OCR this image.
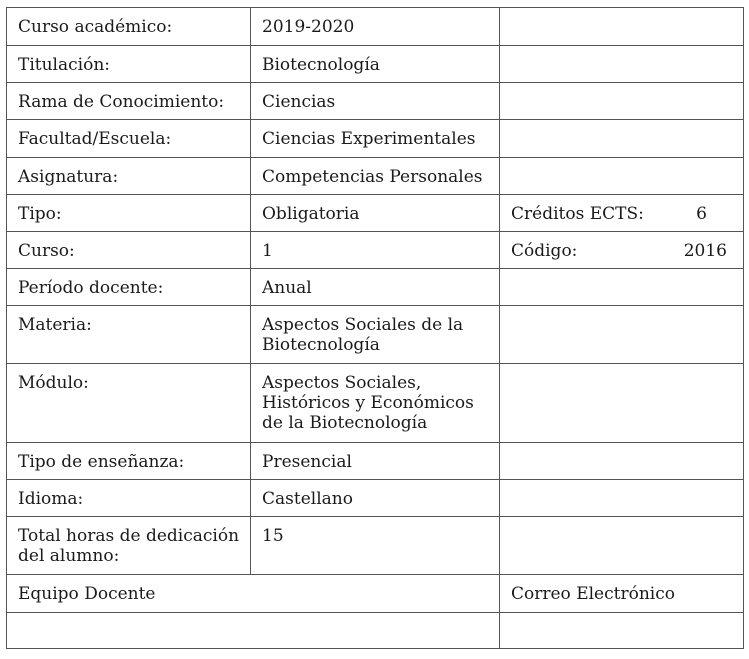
Curso académico:	2019-2020	
Titulación:	Biotecnología	
Rama de Conocimiento:	Ciencias	
Facultad/Escuela:	Ciencias Experimentales	
Asignatura:	Competencias Personales	
Tipo:	Obligatoria	Créditos ECTS: 6

Curso:	1	Código: 2016

Período docente:	Anual	
Materia:	Aspectos Sociales de la Biotecnología	
Módulo:	Aspectos Sociales, Históricos y Económicos de la Biotecnología	
Tipo de enseñanza:	Presencial	
Idioma:	Castellano	
Total horas de dedicación del alumno:	15	
Equipo Docente		Correo Electrónico
